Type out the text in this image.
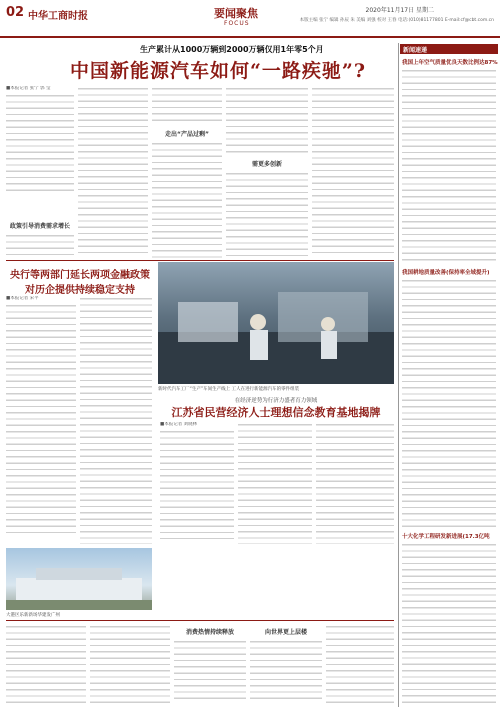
02 中华工商时报	要闻聚焦
FOCUS
2020年11月17日 星期二
本版主编 张宁 编辑 孙辰 朱 美编 刘强 校对 王春 电话:(010)81177801 E-mail:cf@cbt.com.cn
生产累计从1000万辆到2000万辆仅用1年零5个月
中国新能源汽车如何“一路疾驰”?

■本报记者 张宁 郭 莹

政策引导消费需求增长
走出“产品过剩”
需更多创新
央行等两部门延长两项金融政策 对历企提供持续稳定支持

■本报记者 宋平

新时代汽车工厂“生产”车间生产线上 工人在进行新能源汽车的零件组装
在经济逆势为行济力盛者育力领域
江苏省民营经济人士理想信念教育基地揭牌

■本报记者 刘晓林

大港区乐新新场华建发广州
消费热情持续释放	向世界更上层楼
新闻速递
我国上年空气质量优良天数比例达87%
我国耕地质量改善(保持率全域提升)
十大化学工程研发新进展(17.3亿吨
